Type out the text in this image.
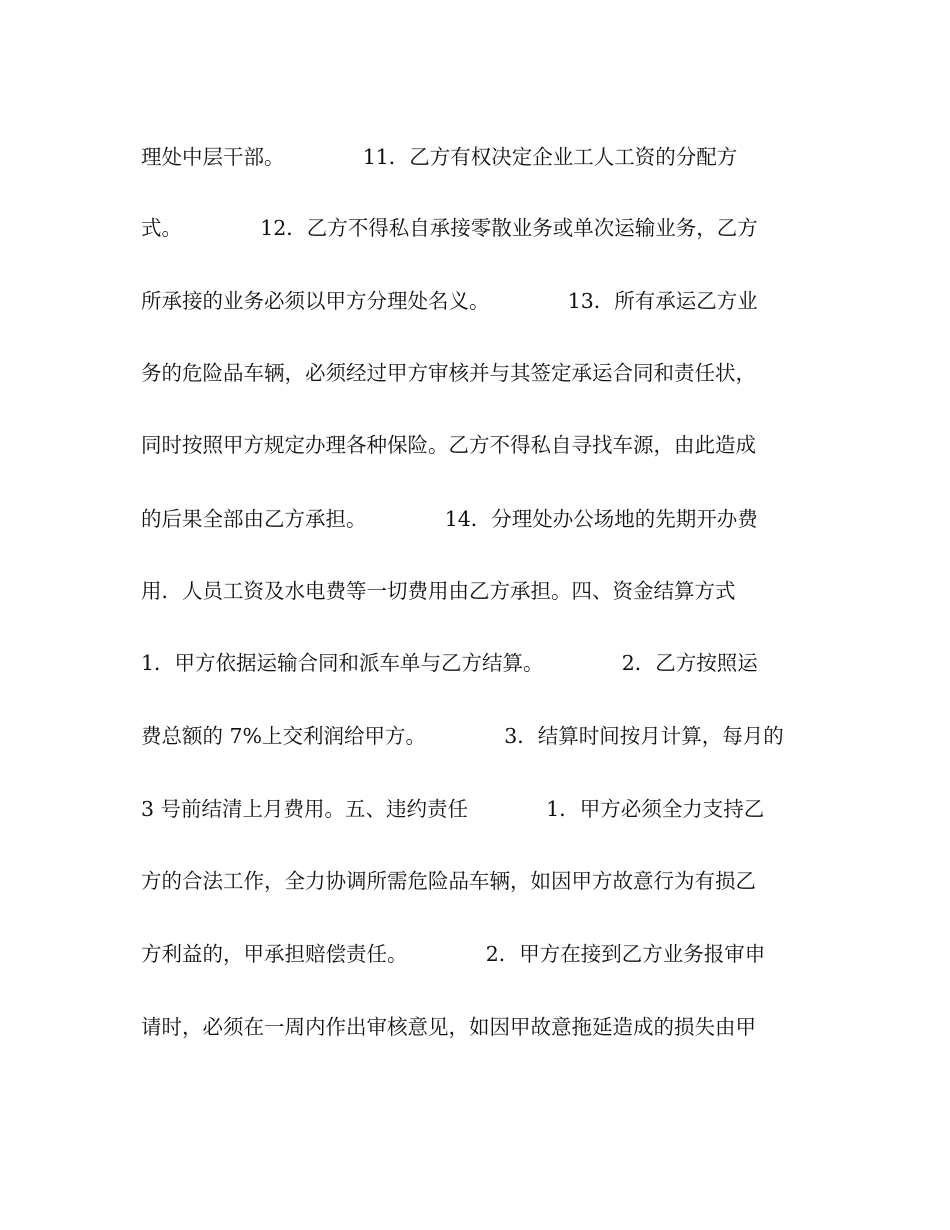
理处中层干部。            11．乙方有权决定企业工人工资的分配方
式。            12．乙方不得私自承接零散业务或单次运输业务，乙方
所承接的业务必须以甲方分理处名义。            13．所有承运乙方业
务的危险品车辆，必须经过甲方审核并与其签定承运合同和责任状，
同时按照甲方规定办理各种保险。乙方不得私自寻找车源，由此造成
的后果全部由乙方承担。            14．分理处办公场地的先期开办费
用．人员工资及水电费等一切费用由乙方承担。四、资金结算方式
1．甲方依据运输合同和派车单与乙方结算。            2．乙方按照运
费总额的 7%上交利润给甲方。            3．结算时间按月计算，每月的
3 号前结清上月费用。五、违约责任            1．甲方必须全力支持乙
方的合法工作，全力协调所需危险品车辆，如因甲方故意行为有损乙
方利益的，甲承担赔偿责任。            2．甲方在接到乙方业务报审申
请时，必须在一周内作出审核意见，如因甲故意拖延造成的损失由甲
